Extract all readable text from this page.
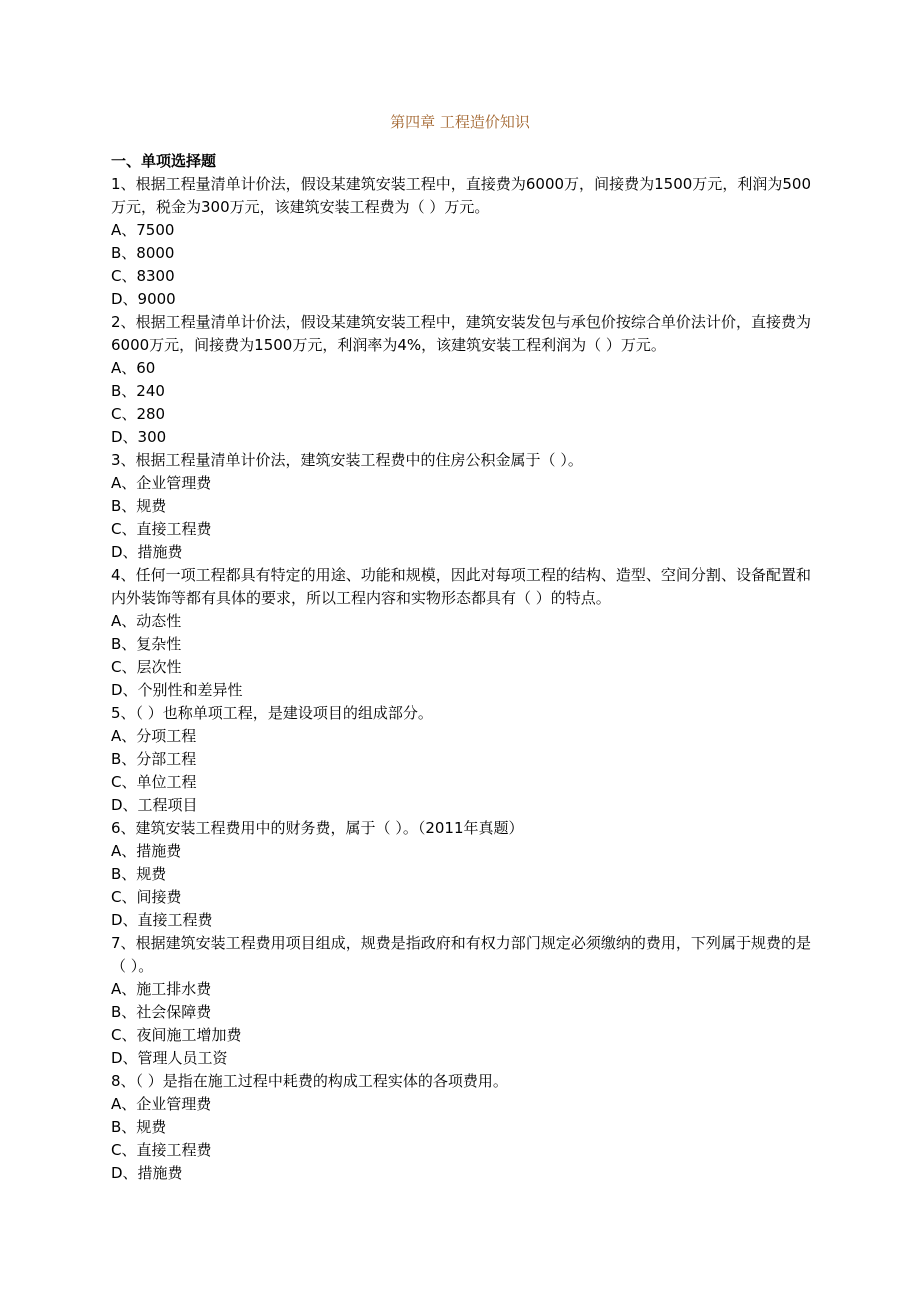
第四章 工程造价知识

一、单项选择题

1、根据工程量清单计价法，假设某建筑安装工程中，直接费为6000万，间接费为1500万元，利润为500万元，税金为300万元，该建筑安装工程费为（ ）万元。

A、7500

B、8000

C、8300

D、9000

2、根据工程量清单计价法，假设某建筑安装工程中，建筑安装发包与承包价按综合单价法计价，直接费为6000万元，间接费为1500万元，利润率为4%，该建筑安装工程利润为（ ）万元。

A、60

B、240

C、280

D、300

3、根据工程量清单计价法，建筑安装工程费中的住房公积金属于（ ）。

A、企业管理费

B、规费

C、直接工程费

D、措施费

4、任何一项工程都具有特定的用途、功能和规模，因此对每项工程的结构、造型、空间分割、设备配置和内外装饰等都有具体的要求，所以工程内容和实物形态都具有（ ）的特点。

A、动态性

B、复杂性

C、层次性

D、个别性和差异性

5、（ ）也称单项工程，是建设项目的组成部分。

A、分项工程

B、分部工程

C、单位工程

D、工程项目

6、建筑安装工程费用中的财务费，属于（ ）。（2011年真题）

A、措施费

B、规费

C、间接费

D、直接工程费

7、根据建筑安装工程费用项目组成，规费是指政府和有权力部门规定必须缴纳的费用，下列属于规费的是（ ）。

A、施工排水费

B、社会保障费

C、夜间施工增加费

D、管理人员工资

8、（ ）是指在施工过程中耗费的构成工程实体的各项费用。

A、企业管理费

B、规费

C、直接工程费

D、措施费
